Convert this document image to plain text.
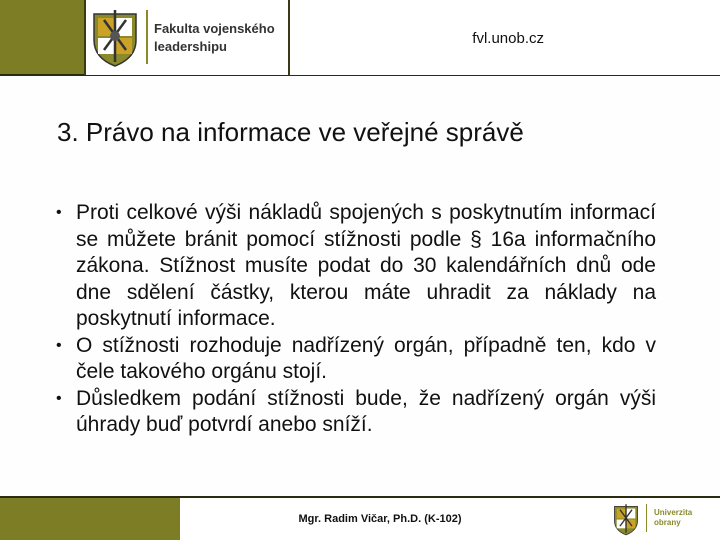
Fakulta vojenského leadershipu	fvl.unob.cz
3. Právo na informace ve veřejné správě
• Proti celkové výši nákladů spojených s poskytnutím informací se můžete bránit pomocí stížnosti podle § 16a informačního zákona. Stížnost musíte podat do 30 kalendářních dnů ode dne sdělení částky, kterou máte uhradit za náklady na poskytnutí informace.
• O stížnosti rozhoduje nadřízený orgán, případně ten, kdo v čele takového orgánu stojí.
• Důsledkem podání stížnosti bude, že nadřízený orgán výši úhrady buď potvrdí anebo sníží.
Mgr. Radim Vičar, Ph.D. (K-102)
Univerzita obrany
